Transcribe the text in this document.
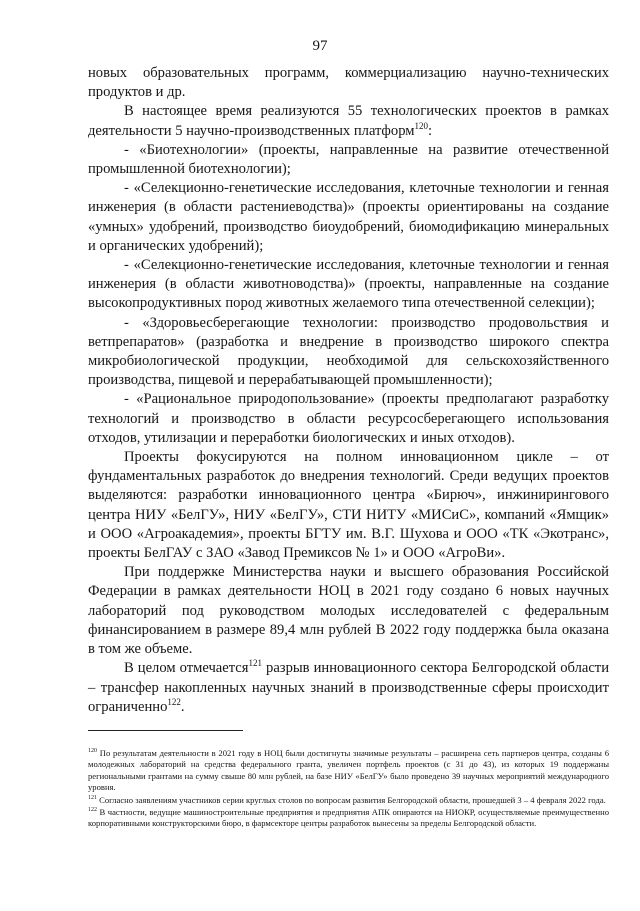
97

новых образовательных программ, коммерциализацию научно-технических продуктов и др.

В настоящее время реализуются 55 технологических проектов в рамках деятельности 5 научно-производственных платформ$^{120}$:

- «Биотехнологии» (проекты, направленные на развитие отечественной промышленной биотехнологии);

- «Селекционно-генетические исследования, клеточные технологии и генная инженерия (в области растениеводства)» (проекты ориентированы на создание «умных» удобрений, производство биоудобрений, биомодификацию минеральных и органических удобрений);

- «Селекционно-генетические исследования, клеточные технологии и генная инженерия (в области животноводства)» (проекты, направленные на создание высокопродуктивных пород животных желаемого типа отечественной селекции);

- «Здоровьесберегающие технологии: производство продовольствия и ветпрепаратов» (разработка и внедрение в производство широкого спектра микробиологической продукции, необходимой для сельскохозяйственного производства, пищевой и перерабатывающей промышленности);

- «Рациональное природопользование» (проекты предполагают разработку технологий и производство в области ресурсосберегающего использования отходов, утилизации и переработки биологических и иных отходов).

Проекты фокусируются на полном инновационном цикле – от фундаментальных разработок до внедрения технологий. Среди ведущих проектов выделяются: разработки инновационного центра «Бирюч», инжинирингового центра НИУ «БелГУ», НИУ «БелГУ», СТИ НИТУ «МИСиС», компаний «Ямщик» и ООО «Агроакадемия», проекты БГТУ им. В.Г. Шухова и ООО «ТК «Экотранс», проекты БелГАУ с ЗАО «Завод Премиксов № 1» и ООО «АгроВи».

При поддержке Министерства науки и высшего образования Российской Федерации в рамках деятельности НОЦ в 2021 году создано 6 новых научных лабораторий под руководством молодых исследователей с федеральным финансированием в размере 89,4 млн рублей В 2022 году поддержка была оказана в том же объеме.

В целом отмечается$^{121}$ разрыв инновационного сектора Белгородской области – трансфер накопленных научных знаний в производственные сферы происходит ограниченно$^{122}$.

$^{120}$ По результатам деятельности в 2021 году в НОЦ были достигнуты значимые результаты – расширена сеть партнеров центра, созданы 6 молодежных лабораторий на средства федерального гранта, увеличен портфель проектов (с 31 до 43), из которых 19 поддержаны региональными грантами на сумму свыше 80 млн рублей, на базе НИУ «БелГУ» было проведено 39 научных мероприятий международного уровня.

$^{121}$ Согласно заявлениям участников серии круглых столов по вопросам развития Белгородской области, прошедшей 3 – 4 февраля 2022 года.

$^{122}$ В частности, ведущие машиностроительные предприятия и предприятия АПК опираются на НИОКР, осуществляемые преимущественно корпоративными конструкторскими бюро, в фармсекторе центры разработок вынесены за пределы Белгородской области.
